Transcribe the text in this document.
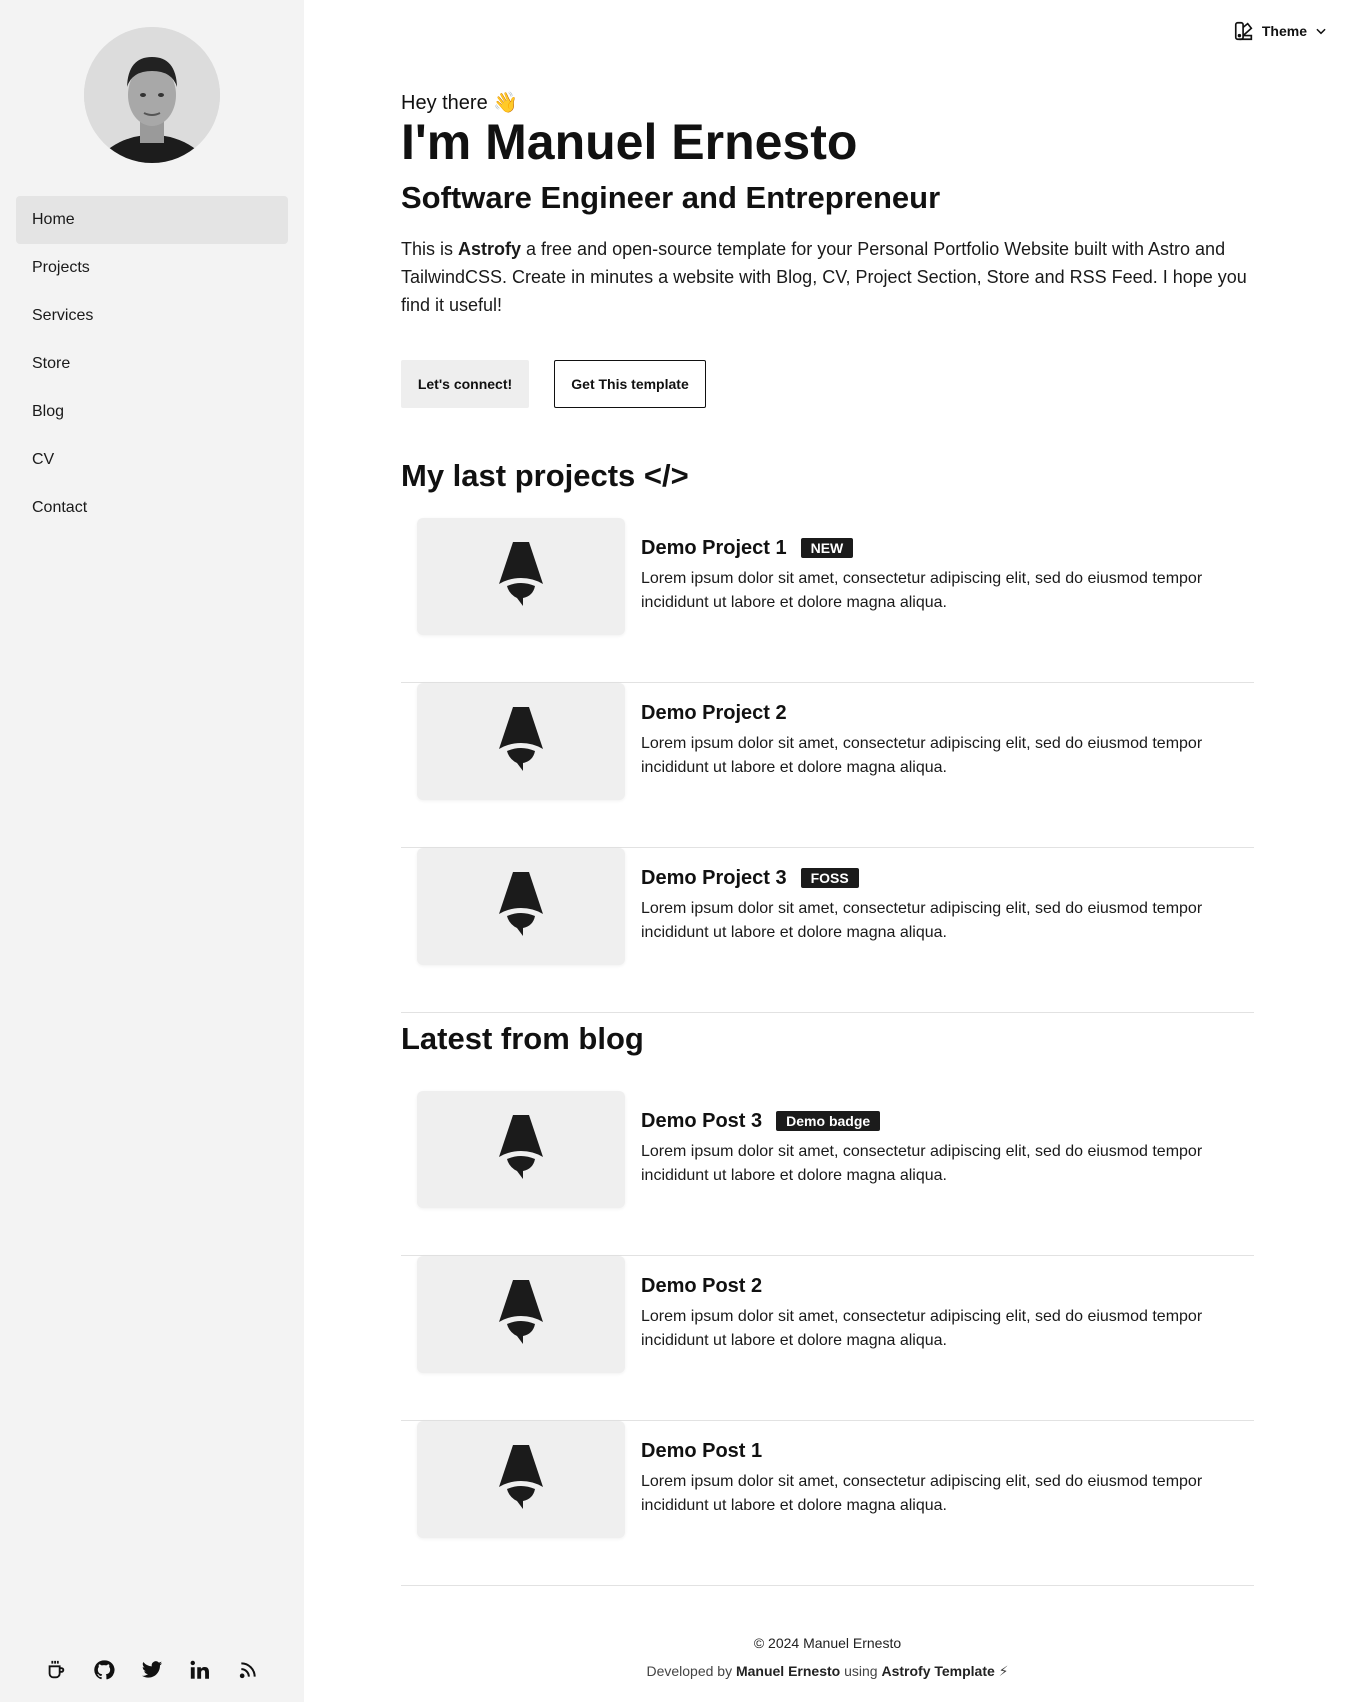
Home
Projects
Services
Store
Blog
CV
Contact
Theme
Hey there 👋
I'm Manuel Ernesto
Software Engineer and Entrepreneur

This is Astrofy a free and open-source template for your Personal Portfolio Website built with Astro and TailwindCSS. Create in minutes a website with Blog, CV, Project Section, Store and RSS Feed. I hope you find it useful!

Let's connect!	Get This template
My last projects </>
Demo Project 1	NEW
Lorem ipsum dolor sit amet, consectetur adipiscing elit, sed do eiusmod tempor incididunt ut labore et dolore magna aliqua.
Demo Project 2
Lorem ipsum dolor sit amet, consectetur adipiscing elit, sed do eiusmod tempor incididunt ut labore et dolore magna aliqua.
Demo Project 3	FOSS
Lorem ipsum dolor sit amet, consectetur adipiscing elit, sed do eiusmod tempor incididunt ut labore et dolore magna aliqua.
Latest from blog
Demo Post 3	Demo badge
Lorem ipsum dolor sit amet, consectetur adipiscing elit, sed do eiusmod tempor incididunt ut labore et dolore magna aliqua.
Demo Post 2
Lorem ipsum dolor sit amet, consectetur adipiscing elit, sed do eiusmod tempor incididunt ut labore et dolore magna aliqua.
Demo Post 1
Lorem ipsum dolor sit amet, consectetur adipiscing elit, sed do eiusmod tempor incididunt ut labore et dolore magna aliqua.
© 2024 Manuel Ernesto
Developed by Manuel Ernesto using Astrofy Template ⚡
